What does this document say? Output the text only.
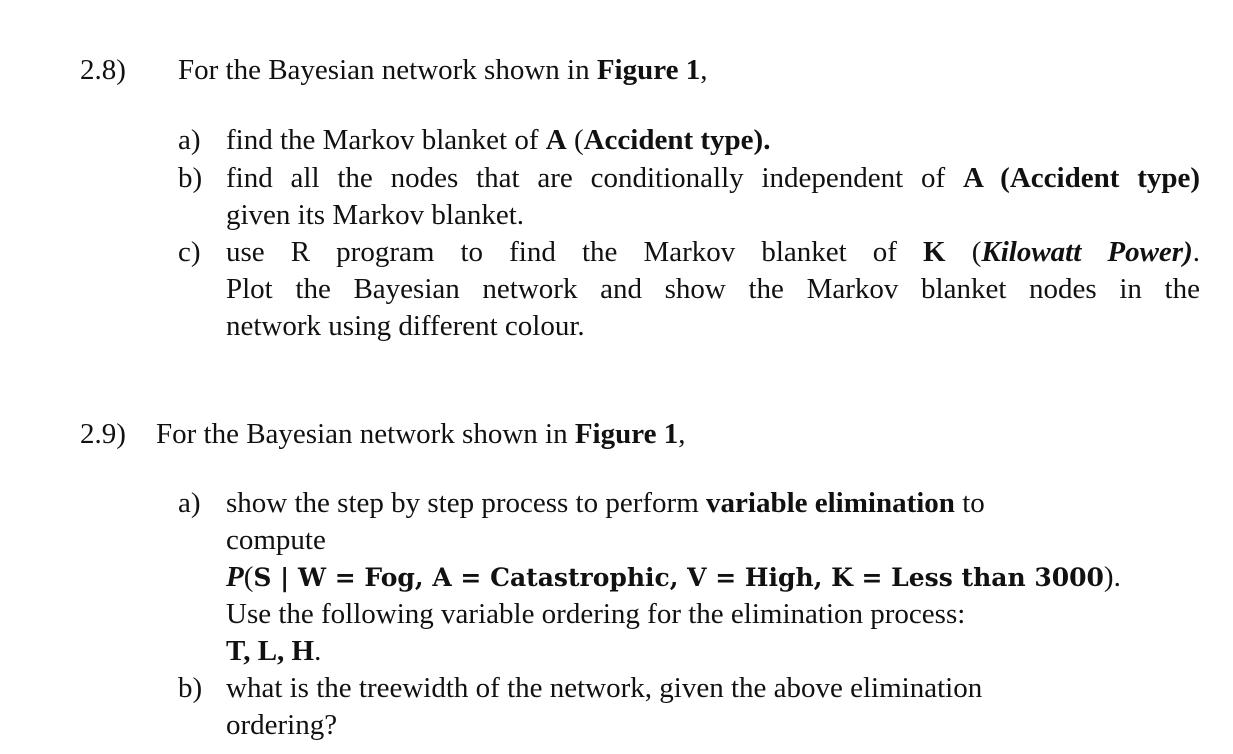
2.8) For the Bayesian network shown in Figure 1,
a) find the Markov blanket of A (Accident type).
b) find all the nodes that are conditionally independent of A (Accident type)
given its Markov blanket.
c) use R program to find the Markov blanket of K (Kilowatt Power).
Plot the Bayesian network and show the Markov blanket nodes in the
network using different colour.
2.9) For the Bayesian network shown in Figure 1,
a) show the step by step process to perform variable elimination to
compute
P(S | W = Fog, A = Catastrophic, V = High, K = Less than 3000).
Use the following variable ordering for the elimination process:
T, L, H.
b) what is the treewidth of the network, given the above elimination
ordering?
